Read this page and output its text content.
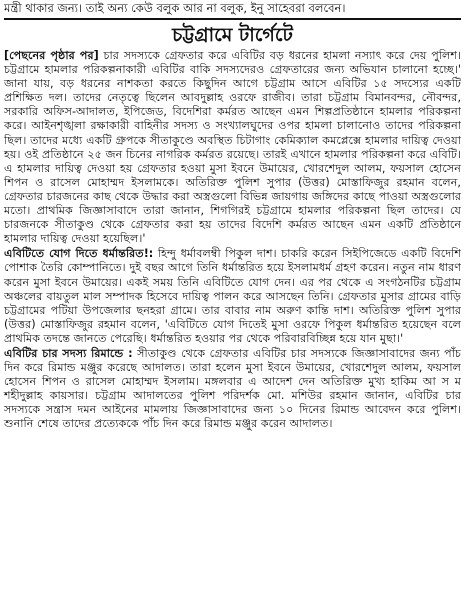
মন্ত্রী থাকার জন্য। তাই অন্য কেউ বলুক আর না বলুক, ইনু সাহেবরা বলবেন।
চট্টগ্রামে টার্গেটে

[পেছনের পৃষ্ঠার পর] চার সদস্যকে গ্রেফতার করে এবিটির বড় ধরনের হামলা নস্যাৎ করে দেয় পুলিশ। চট্টগ্রামে হামলার পরিকল্পনাকারী এবিটির বাকি সদস্যদেরও গ্রেফতারের জন্য অভিযান চালানো হচ্ছে।' জানা যায়, বড় ধরনের নাশকতা করতে কিছুদিন আগে চট্টগ্রাম আসে এবিটির ১৫ সদস্যের একটি প্রশিক্ষিত দল। তাদের নেতৃত্বে ছিলেন আবদুল্লাহ ওরফে রাজীব। তারা চট্টগ্রাম বিমানবন্দর, নৌবন্দর, সরকারি অফিস-আদালত, ইপিজেড, বিদেশিরা কর্মরত আছেন এমন শিল্পপ্রতিষ্ঠানে হামলার পরিকল্পনা করে। আইনশৃঙ্খলা রক্ষাকারী বাহিনীর সদস্য ও সংখ্যালঘুদের ওপর হামলা চালানোও তাদের পরিকল্পনা ছিল। তাদের মধ্যে একটি গ্রুপকে সীতাকুণ্ডে অবস্থিত চিটাগাং কেমিক্যাল কমপ্লেক্সে হামলার দায়িত্ব দেওয়া হয়। ওই প্রতিষ্ঠানে ২৫ জন চিনের নাগরিক কর্মরত রয়েছে। তারই এখানে হামলার পরিকল্পনা করে এবিটি। এ হামলার দায়িত্ব দেওয়া হয় গ্রেফতার হওয়া মুসা ইবনে উমায়ের, খোরশেদুল আলম, ফয়সাল হোসেন শিপন ও রাসেল মোহাম্মদ ইসলামকে। অতিরিক্ত পুলিশ সুপার (উত্তর) মোস্তাফিজুর রহমান বলেন, গ্রেফতার চারজনের কাছ থেকে উদ্ধার করা অস্ত্রগুলো বিভিন্ন জায়গায় জঙ্গিদের কাছে পাওয়া অস্ত্রগুলোর মতো। প্রাথমিক জিজ্ঞাসাবাদে তারা জানান, শিগগিরই চট্টগ্রামে হামলার পরিকল্পনা ছিল তাদের। যে চারজনকে সীতাকুণ্ড থেকে গ্রেফতার করা হয় তাদের বিদেশি কর্মরত আছেন এমন একটি প্রতিষ্ঠানে হামলার দায়িত্ব দেওয়া হয়েছিল।'

এবিটিতে যোগ দিতে ধর্মান্তরিত!: হিন্দু ধর্মাবলম্বী পিকুল দাশ। চাকরি করেন সিইপিজেডে একটি বিদেশি পোশাক তৈরি কোম্পানিতে। দুই বছর আগে তিনি ধর্মান্তরিত হয়ে ইসলামধর্ম গ্রহণ করেন। নতুন নাম ধারণ করেন মুসা ইবনে উমায়ের। একই সময় তিনি এবিটিতে যোগ দেন। এর পর থেকে এ সংগঠনটির চট্টগ্রাম অঞ্চলের বায়তুল মাল সম্পাদক হিসেবে দায়িত্ব পালন করে আসছেন তিনি। গ্রেফতার মুসার গ্রামের বাড়ি চট্টগ্রামের পটিয়া উপজেলার ছনহরা গ্রামে। তার বাবার নাম অরুণ কান্তি দাশ। অতিরিক্ত পুলিশ সুপার (উত্তর) মোস্তাফিজুর রহমান বলেন, 'এবিটিতে যোগ দিতেই মুসা ওরফে পিকুল ধর্মান্তরিত হয়েছেন বলে প্রাথমিক তদন্তে জানতে পেরেছি। ধর্মান্তরিত হওয়ার পর থেকে পরিবারবিচ্ছিন্ন হয়ে যান মুছা।'

এবিটির চার সদস্য রিমান্ডে : সীতাকুণ্ড থেকে গ্রেফতার এবিটির চার সদস্যকে জিজ্ঞাসাবাদের জন্য পাঁচ দিন করে রিমান্ড মঞ্জুর করেছে আদালত। তারা হলেন মুসা ইবনে উমায়ের, খোরশেদুল আলম, ফয়সাল হোসেন শিপন ও রাসেল মোহাম্মদ ইসলাম। মঙ্গলবার এ আদেশ দেন অতিরিক্ত মুখ্য হাকিম আ স ম শহীদুল্লাহ কায়সার। চট্টগ্রাম আদালতের পুলিশ পরিদর্শক মো. মশিউর রহমান জানান, এবিটির চার সদস্যকে সন্ত্রাস দমন আইনের মামলায় জিজ্ঞাসাবাদের জন্য ১০ দিনের রিমান্ড আবেদন করে পুলিশ। শুনানি শেষে তাদের প্রত্যেককে পাঁচ দিন করে রিমান্ড মঞ্জুর করেন আদালত।
